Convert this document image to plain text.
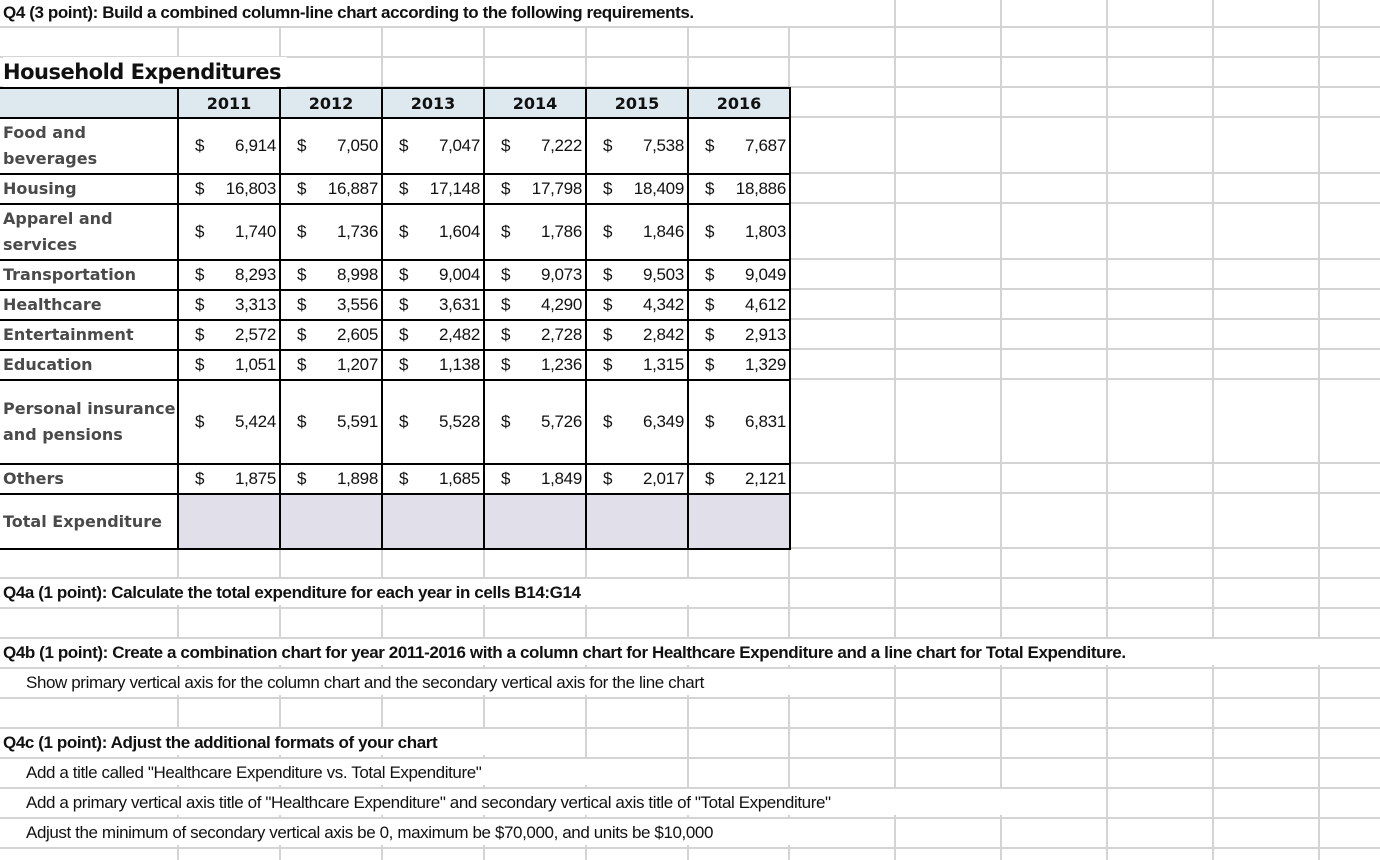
Q4 (3 point): Build a combined column-line chart according to the following requirements.
Household Expenditures
	2011	2012	2013	2014	2015	2016
Food and beverages	$ 6,914	$ 7,050	$ 7,047	$ 7,222	$ 7,538	$ 7,687

Housing	$ 16,803	$ 16,887	$ 17,148	$ 17,798	$ 18,409	$ 18,886

Apparel and services	$ 1,740	$ 1,736	$ 1,604	$ 1,786	$ 1,846	$ 1,803

Transportation	$ 8,293	$ 8,998	$ 9,004	$ 9,073	$ 9,503	$ 9,049

Healthcare	$ 3,313	$ 3,556	$ 3,631	$ 4,290	$ 4,342	$ 4,612

Entertainment	$ 2,572	$ 2,605	$ 2,482	$ 2,728	$ 2,842	$ 2,913

Education	$ 1,051	$ 1,207	$ 1,138	$ 1,236	$ 1,315	$ 1,329

Personal insurance and pensions	$ 5,424	$ 5,591	$ 5,528	$ 5,726	$ 6,349	$ 6,831

Others	$ 1,875	$ 1,898	$ 1,685	$ 1,849	$ 2,017	$ 2,121

Total Expenditure						
Q4a (1 point): Calculate the total expenditure for each year in cells B14:G14
Q4b (1 point): Create a combination chart for year 2011-2016 with a column chart for Healthcare Expenditure and a line chart for Total Expenditure.
Show primary vertical axis for the column chart and the secondary vertical axis for the line chart
Q4c (1 point): Adjust the additional formats of your chart
Add a title called "Healthcare Expenditure vs. Total Expenditure"
Add a primary vertical axis title of "Healthcare Expenditure" and secondary vertical axis title of "Total Expenditure"
Adjust the minimum of secondary vertical axis be 0, maximum be $70,000, and units be $10,000
